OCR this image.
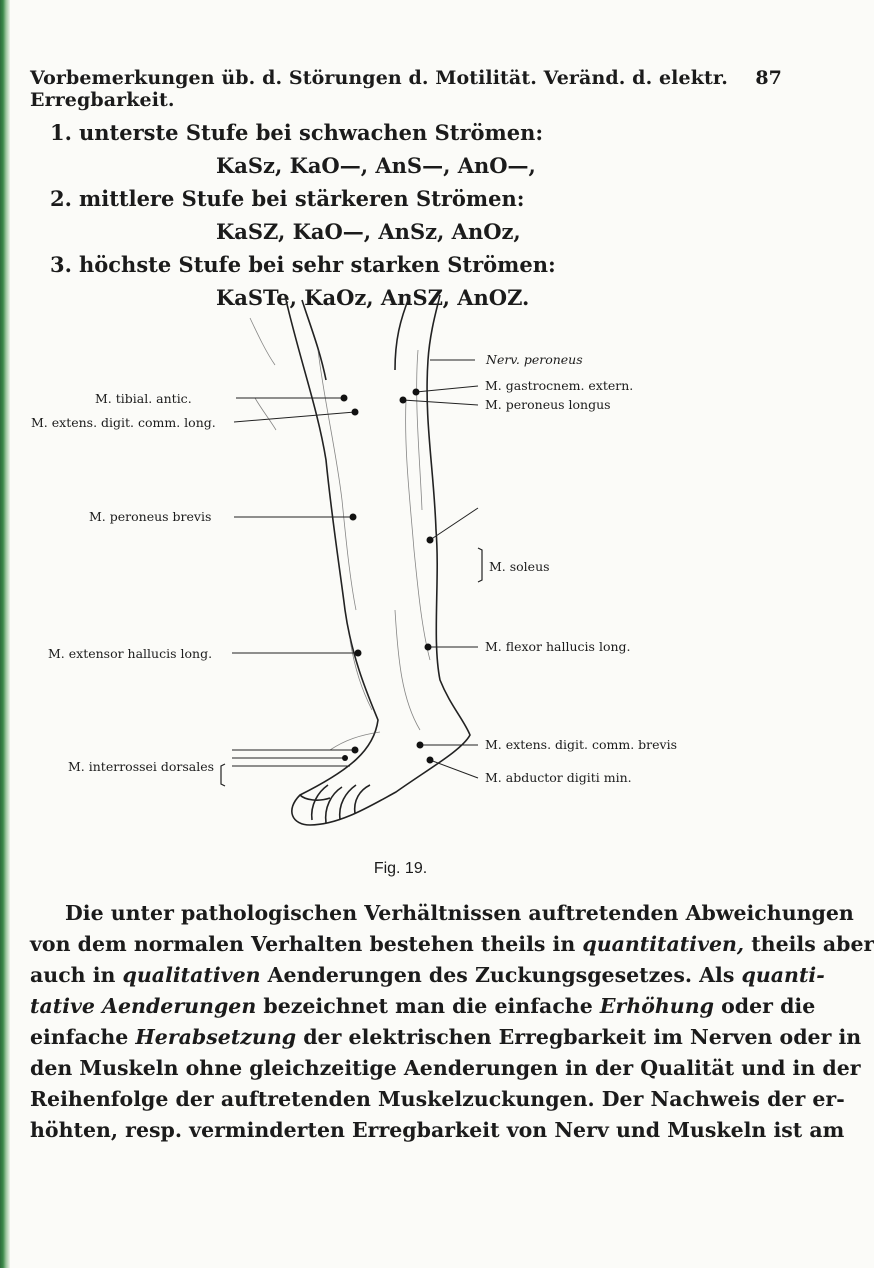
Vorbemerkungen üb. d. Störungen d. Motilität. Veränd. d. elektr. Erregbarkeit.
87
1. unterste Stufe bei schwachen Strömen:
KaSz, KaO—, AnS—, AnO—,
2. mittlere Stufe bei stärkeren Strömen:
KaSZ, KaO—, AnSz, AnOz,
3. höchste Stufe bei sehr starken Strömen:
KaSTe, KaOz, AnSZ, AnOZ.
M. tibial. antic.
M. extens. digit. comm. long.
M. peroneus brevis
M. extensor hallucis long.
M. interrossei dorsales
Nerv. peroneus
M. gastrocnem. extern.
M. peroneus longus
M. soleus
M. flexor hallucis long.
M. extens. digit. comm. brevis
M. abductor digiti min.
Fig. 19.
Die unter pathologischen Verhältnissen auftretenden Abweichungen
von dem normalen Verhalten bestehen theils in quantitativen, theils aber
auch in qualitativen Aenderungen des Zuckungsgesetzes. Als quanti-
tative Aenderungen bezeichnet man die einfache Erhöhung oder die
einfache Herabsetzung der elektrischen Erregbarkeit im Nerven oder in
den Muskeln ohne gleichzeitige Aenderungen in der Qualität und in der
Reihenfolge der auftretenden Muskelzuckungen. Der Nachweis der er-
höhten, resp. verminderten Erregbarkeit von Nerv und Muskeln ist am
